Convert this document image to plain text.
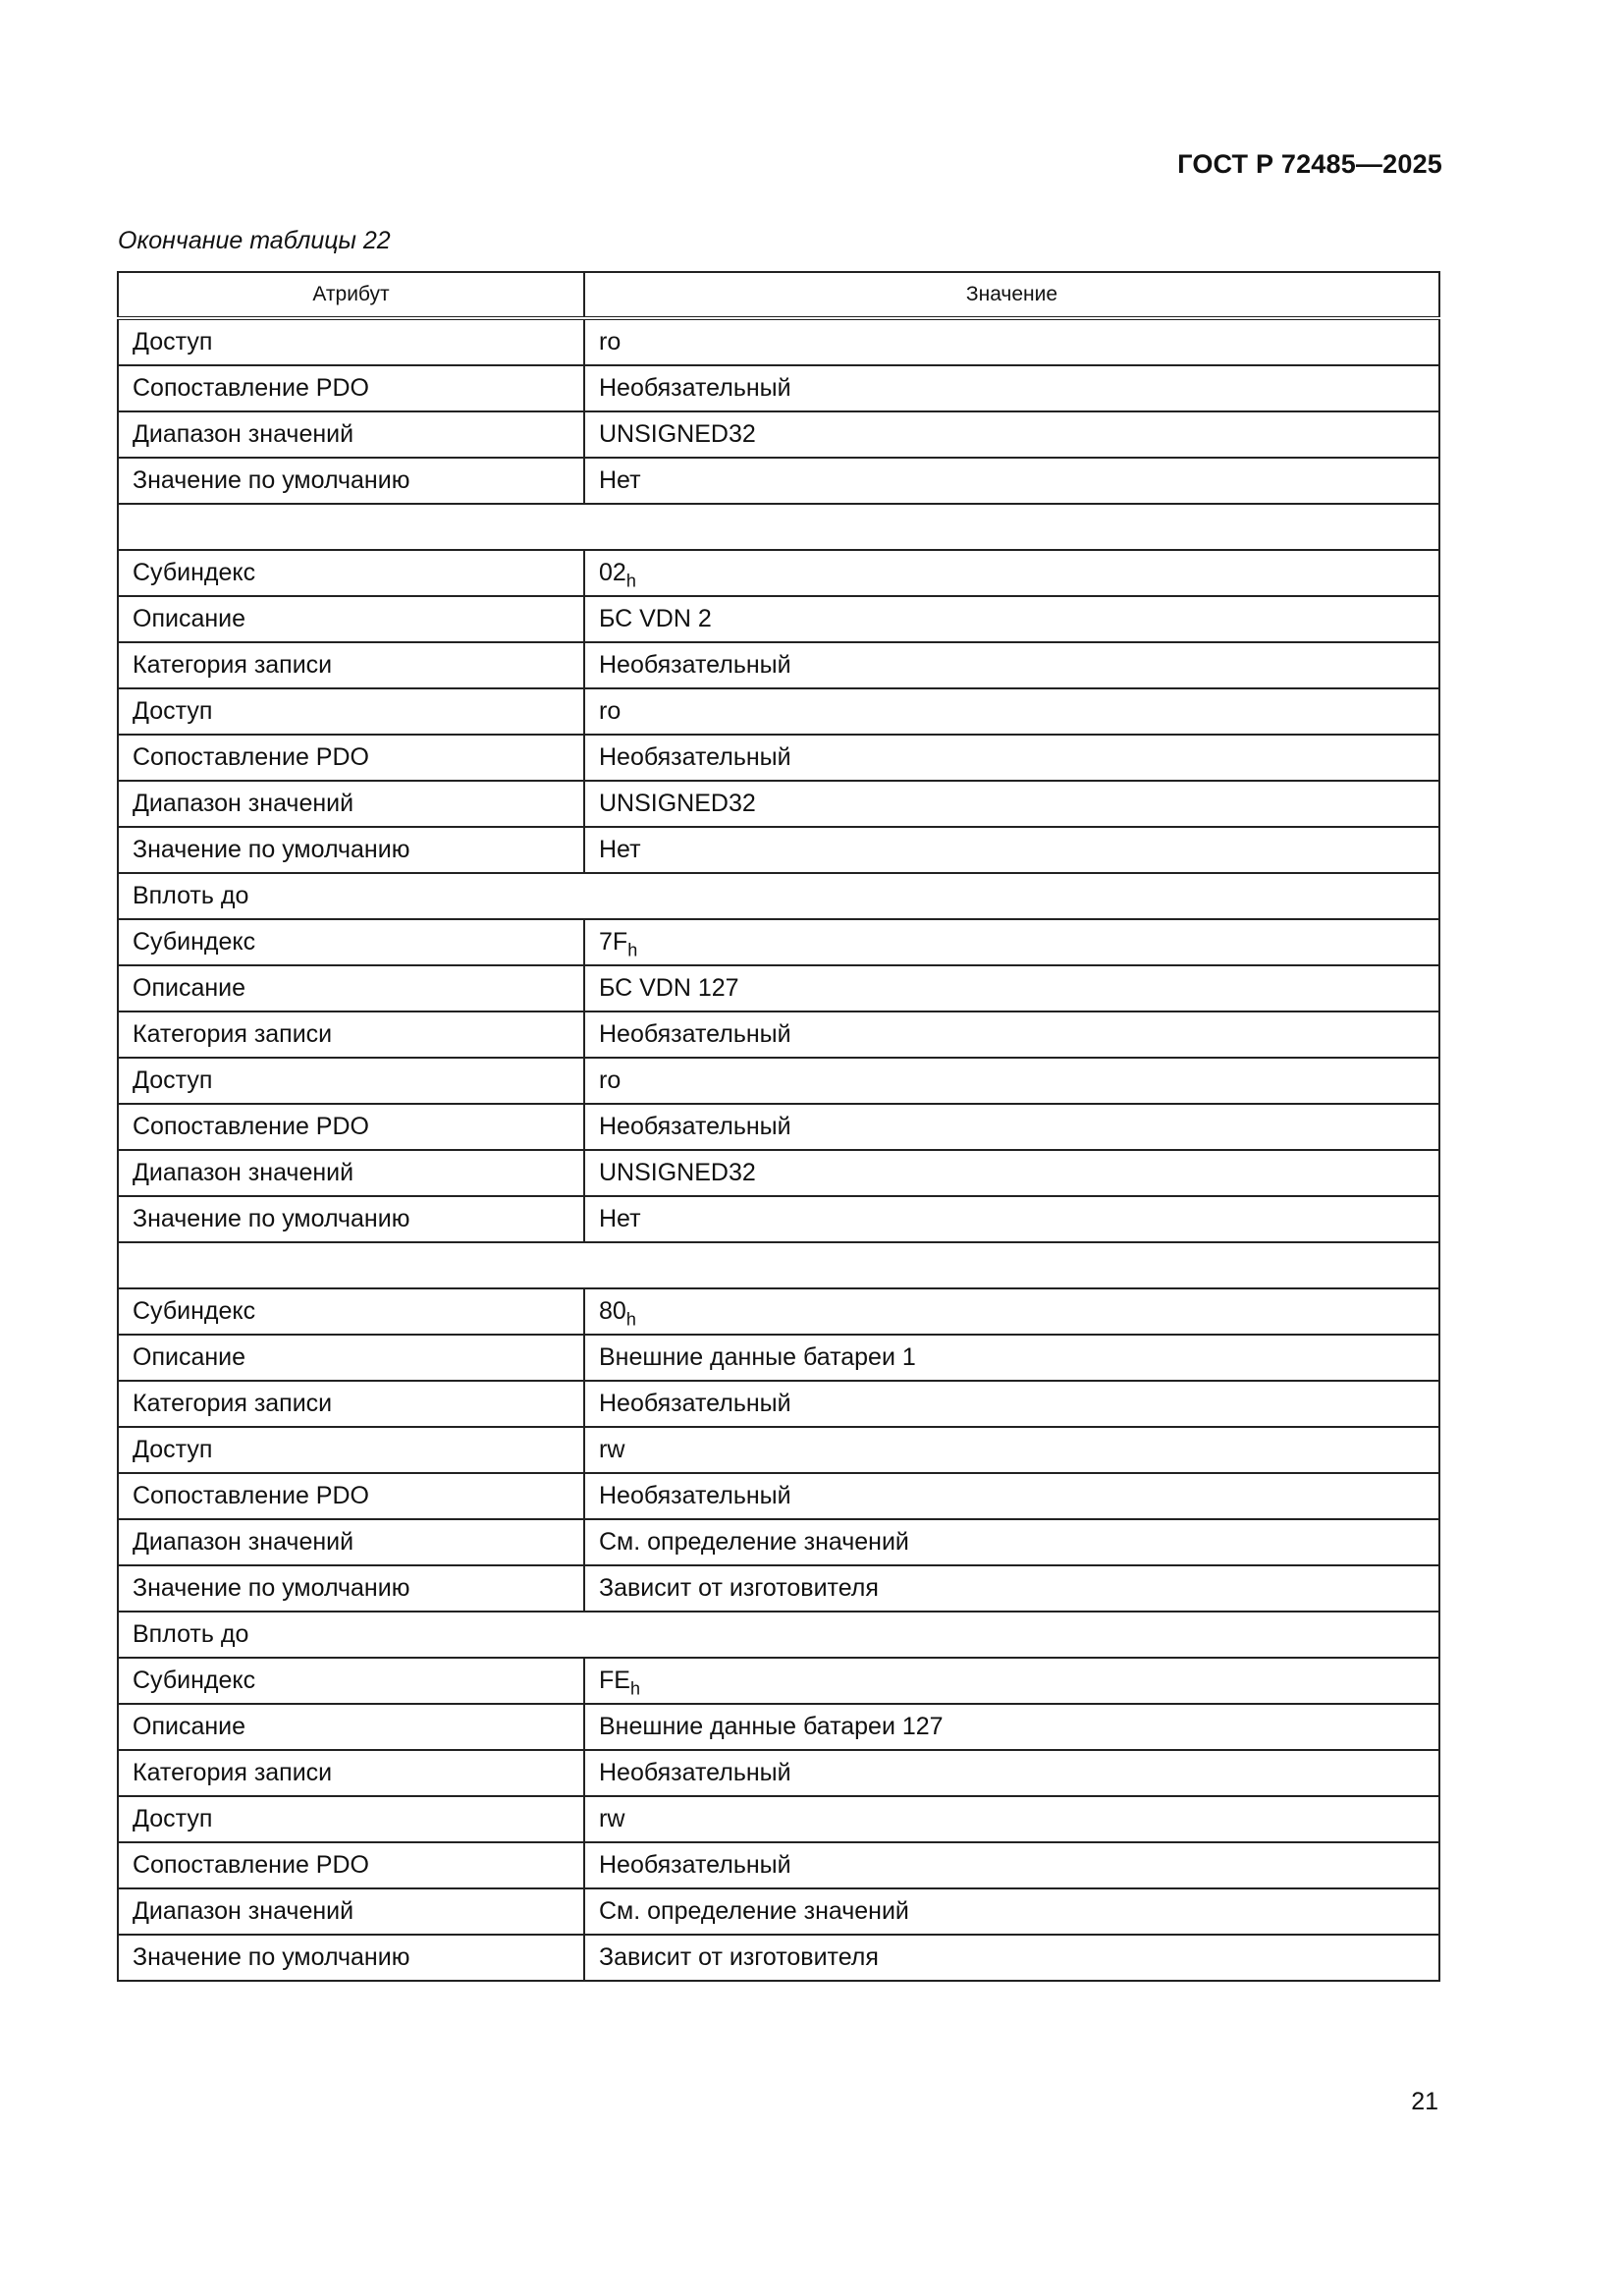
ГОСТ Р 72485—2025
Окончание таблицы 22
Атрибут	Значение
Доступ	ro
Сопоставление PDO	Необязательный
Диапазон значений	UNSIGNED32
Значение по умолчанию	Нет

Субиндекс	$02_h$
Описание	БС VDN 2
Категория записи	Необязательный
Доступ	ro
Сопоставление PDO	Необязательный
Диапазон значений	UNSIGNED32
Значение по умолчанию	Нет
Вплоть до	
Субиндекс	$7F_h$
Описание	БС VDN 127
Категория записи	Необязательный
Доступ	ro
Сопоставление PDO	Необязательный
Диапазон значений	UNSIGNED32
Значение по умолчанию	Нет

Субиндекс	$80_h$
Описание	Внешние данные батареи 1
Категория записи	Необязательный
Доступ	rw
Сопоставление PDO	Необязательный
Диапазон значений	См. определение значений
Значение по умолчанию	Зависит от изготовителя
Вплоть до	
Субиндекс	$FE_h$
Описание	Внешние данные батареи 127
Категория записи	Необязательный
Доступ	rw
Сопоставление PDO	Необязательный
Диапазон значений	См. определение значений
Значение по умолчанию	Зависит от изготовителя
21
